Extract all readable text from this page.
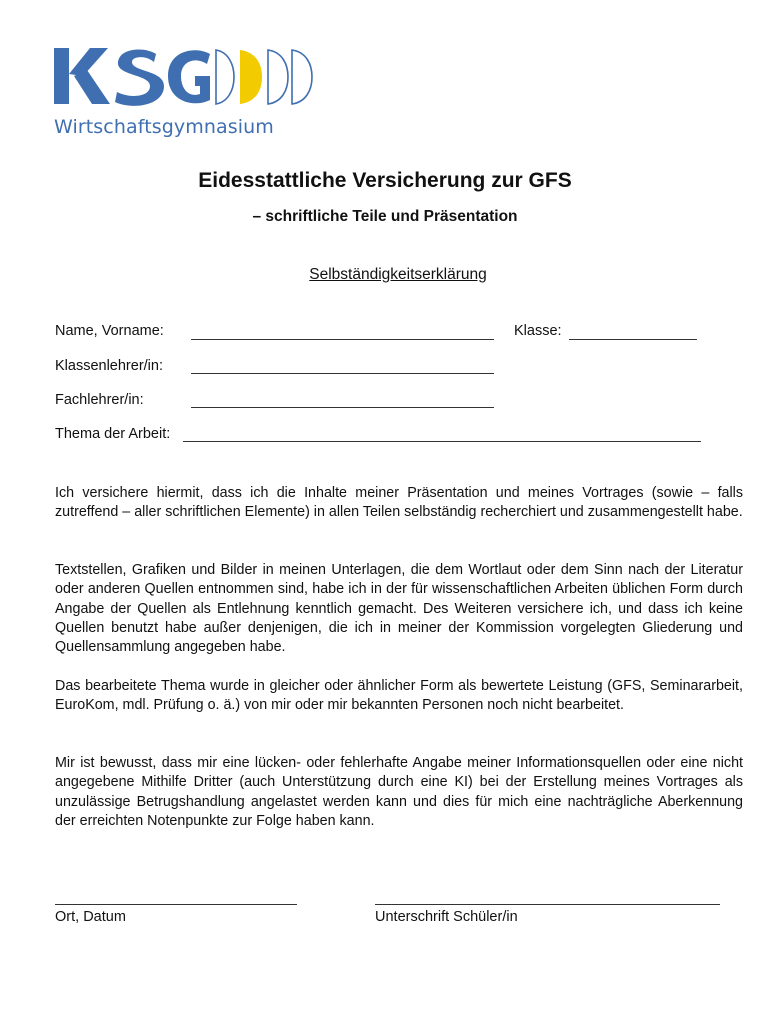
Wirtschaftsgymnasium
Eidesstattliche Versicherung zur GFS
– schriftliche Teile und Präsentation
Selbständigkeitserklärung
Name, Vorname:	Klasse:
Klassenlehrer/in:
Fachlehrer/in:
Thema der Arbeit:
Ich versichere hiermit, dass ich die Inhalte meiner Präsentation und meines Vortrages (sowie – falls zutreffend – aller schriftlichen Elemente) in allen Teilen selbständig recherchiert und zusammengestellt habe.
Textstellen, Grafiken und Bilder in meinen Unterlagen, die dem Wortlaut oder dem Sinn nach der Literatur oder anderen Quellen entnommen sind, habe ich in der für wissenschaftlichen Arbeiten üblichen Form durch Angabe der Quellen als Entlehnung kenntlich gemacht. Des Weiteren versichere ich, und dass ich keine Quellen benutzt habe außer denjenigen, die ich in meiner der Kommission vorgelegten Gliederung und Quellensammlung angegeben habe.
Das bearbeitete Thema wurde in gleicher oder ähnlicher Form als bewertete Leistung (GFS, Seminararbeit, EuroKom, mdl. Prüfung o. ä.) von mir oder mir bekannten Personen noch nicht bearbeitet.
Mir ist bewusst, dass mir eine lücken- oder fehlerhafte Angabe meiner Informationsquellen oder eine nicht angegebene Mithilfe Dritter (auch Unterstützung durch eine KI) bei der Erstellung meines Vortrages als unzulässige Betrugshandlung angelastet werden kann und dies für mich eine nachträgliche Aberkennung der erreichten Notenpunkte zur Folge haben kann.
Ort, Datum	Unterschrift Schüler/in
